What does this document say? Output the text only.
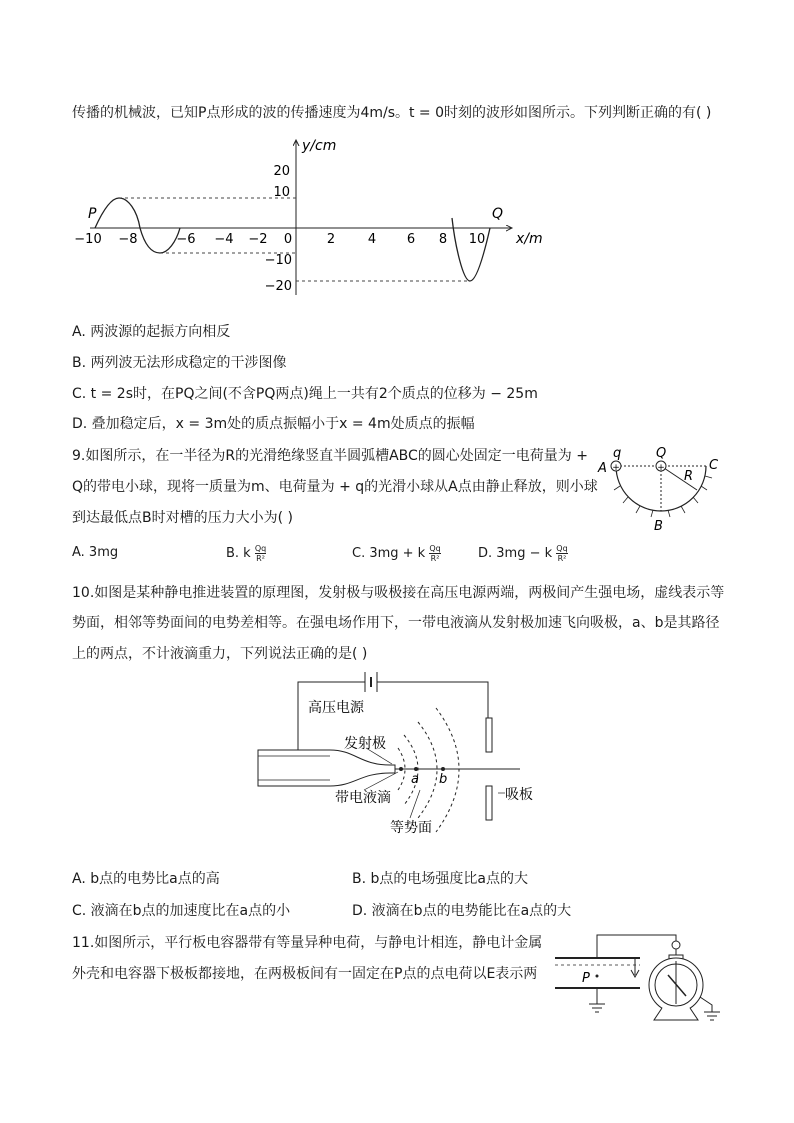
传播的机械波，已知P点形成的波的传播速度为4m/s。t = 0时刻的波形如图所示。下列判断正确的有( )
y/cm
x/m
P	Q
−10 −8	−6 −4 −2 0	2	4 6 8 10
20
10
−10
−20
A. 两波源的起振方向相反
B. 两列波无法形成稳定的干涉图像
C. t = 2s时，在PQ之间(不含PQ两点)绳上一共有2个质点的位移为 − 25m
D. 叠加稳定后，x = 3m处的质点振幅小于x = 4m处质点的振幅
9.如图所示，在一半径为R的光滑绝缘竖直半圆弧槽ABC的圆心处固定一电荷量为 +
Q的带电小球，现将一质量为m、电荷量为 + q的光滑小球从A点由静止释放，则小球
到达最低点B时对槽的压力大小为( )
+	+
A
q	Q
C
R
B
A. 3mg	B. k $\frac{Qq}{\text{R²}}$	C. 3mg + k $\frac{Qq}{\text{R²}}$	D. 3mg − k $\frac{Qq}{\text{R²}}$
10.如图是某种静电推进装置的原理图，发射极与吸极接在高压电源两端，两极间产生强电场，虚线表示等
势面，相邻等势面间的电势差相等。在强电场作用下，一带电液滴从发射极加速飞向吸极，a、b是其路径
上的两点，不计液滴重力，下列说法正确的是( )
高压电源
发射极
带电液滴	吸板
等势面
a b
A. b点的电势比a点的高	B. b点的电场强度比a点的大
C. 液滴在b点的加速度比在a点的小	D. 液滴在b点的电势能比在a点的大
11.如图所示，平行板电容器带有等量异种电荷，与静电计相连，静电计金属
外壳和电容器下极板都接地，在两极板间有一固定在P点的点电荷以E表示两	P
